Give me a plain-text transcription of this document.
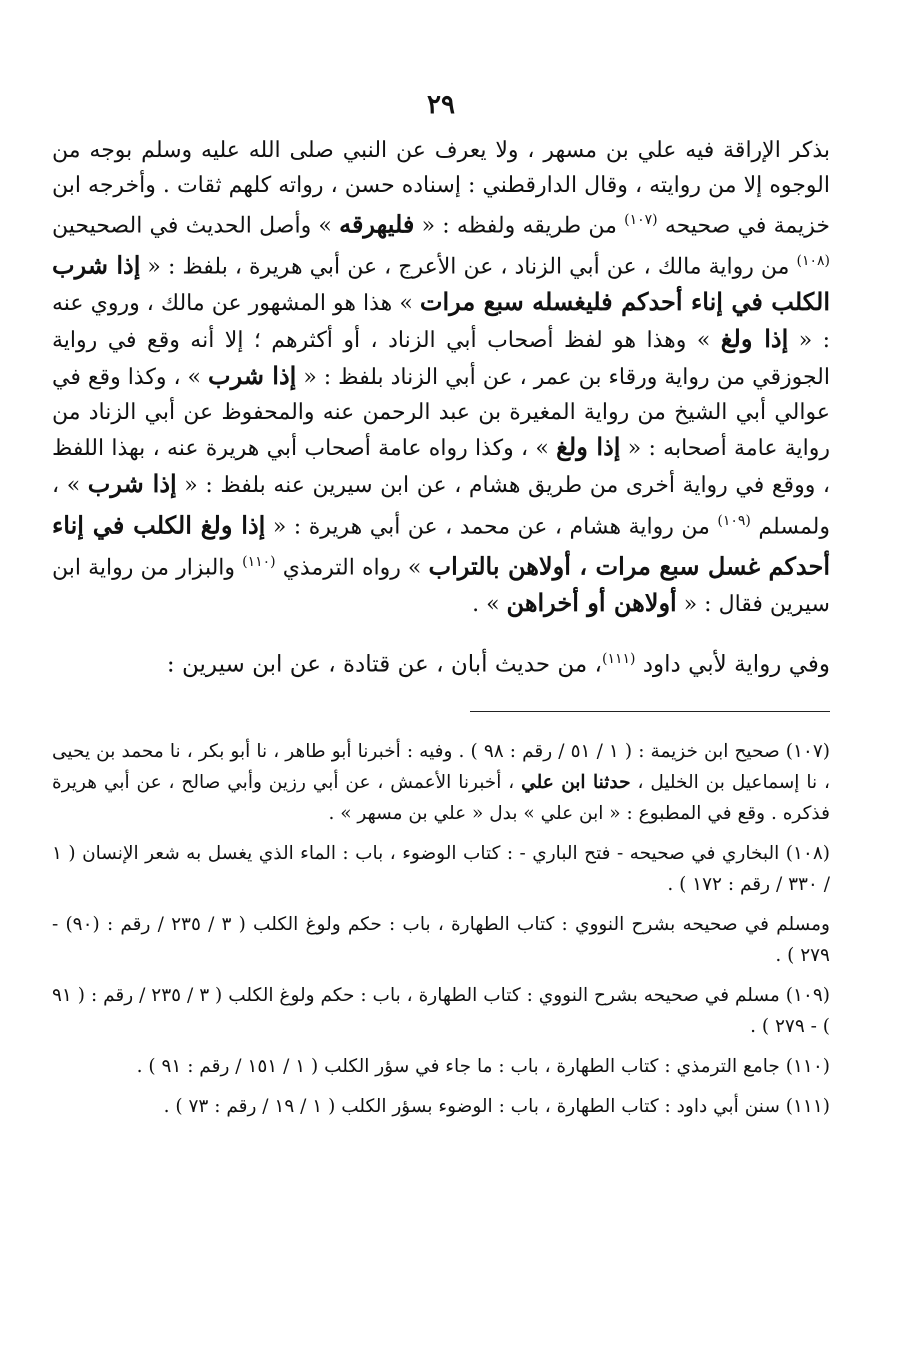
٢٩

بذكر الإراقة فيه علي بن مسهر ، ولا يعرف عن النبي صلى الله عليه وسلم بوجه من الوجوه إلا من روايته ، وقال الدارقطني : إسناده حسن ، رواته كلهم ثقات . وأخرجه ابن خزيمة في صحيحه $^{(١٠٧)}$ من طريقه ولفظه : « فليهرقه » وأصل الحديث في الصحيحين $^{(١٠٨)}$ من رواية مالك ، عن أبي الزناد ، عن الأعرج ، عن أبي هريرة ، بلفظ : « إذا شرب الكلب في إناء أحدكم فليغسله سبع مرات » هذا هو المشهور عن مالك ، وروي عنه : « إذا ولغ » وهذا هو لفظ أصحاب أبي الزناد ، أو أكثرهم ؛ إلا أنه وقع في رواية الجوزقي من رواية ورقاء بن عمر ، عن أبي الزناد بلفظ : « إذا شرب » ، وكذا وقع في عوالي أبي الشيخ من رواية المغيرة بن عبد الرحمن عنه والمحفوظ عن أبي الزناد من رواية عامة أصحابه : « إذا ولغ » ، وكذا رواه عامة أصحاب أبي هريرة عنه ، بهذا اللفظ ، ووقع في رواية أخرى من طريق هشام ، عن ابن سيرين عنه بلفظ : « إذا شرب » ، ولمسلم $^{(١٠٩)}$ من رواية هشام ، عن محمد ، عن أبي هريرة : « إذا ولغ الكلب في إناء أحدكم غسل سبع مرات ، أولاهن بالتراب » رواه الترمذي $^{(١١٠)}$ والبزار من رواية ابن سيرين فقال : « أولاهن أو أخراهن » .

وفي رواية لأبي داود $^{(١١١)}$، من حديث أبان ، عن قتادة ، عن ابن سيرين :

(١٠٧) صحيح ابن خزيمة : ( ١ / ٥١ / رقم : ٩٨ ) . وفيه : أخبرنا أبو طاهر ، نا أبو بكر ، نا محمد بن يحيى ، نا إسماعيل بن الخليل ، حدثنا ابن علي ، أخبرنا الأعمش ، عن أبي رزين وأبي صالح ، عن أبي هريرة فذكره . وقع في المطبوع : « ابن علي » بدل « علي بن مسهر » .

(١٠٨) البخاري في صحيحه - فتح الباري - : كتاب الوضوء ، باب : الماء الذي يغسل به شعر الإنسان ( ١ / ٣٣٠ / رقم : ١٧٢ ) .

ومسلم في صحيحه بشرح النووي : كتاب الطهارة ، باب : حكم ولوغ الكلب ( ٣ / ٢٣٥ / رقم : (٩٠) - ٢٧٩ ) .

(١٠٩) مسلم في صحيحه بشرح النووي : كتاب الطهارة ، باب : حكم ولوغ الكلب ( ٣ / ٢٣٥ / رقم : ( ٩١ ) - ٢٧٩ ) .

(١١٠) جامع الترمذي : كتاب الطهارة ، باب : ما جاء في سؤر الكلب ( ١ / ١٥١ / رقم : ٩١ ) .

(١١١) سنن أبي داود : كتاب الطهارة ، باب : الوضوء بسؤر الكلب ( ١ / ١٩ / رقم : ٧٣ ) .
